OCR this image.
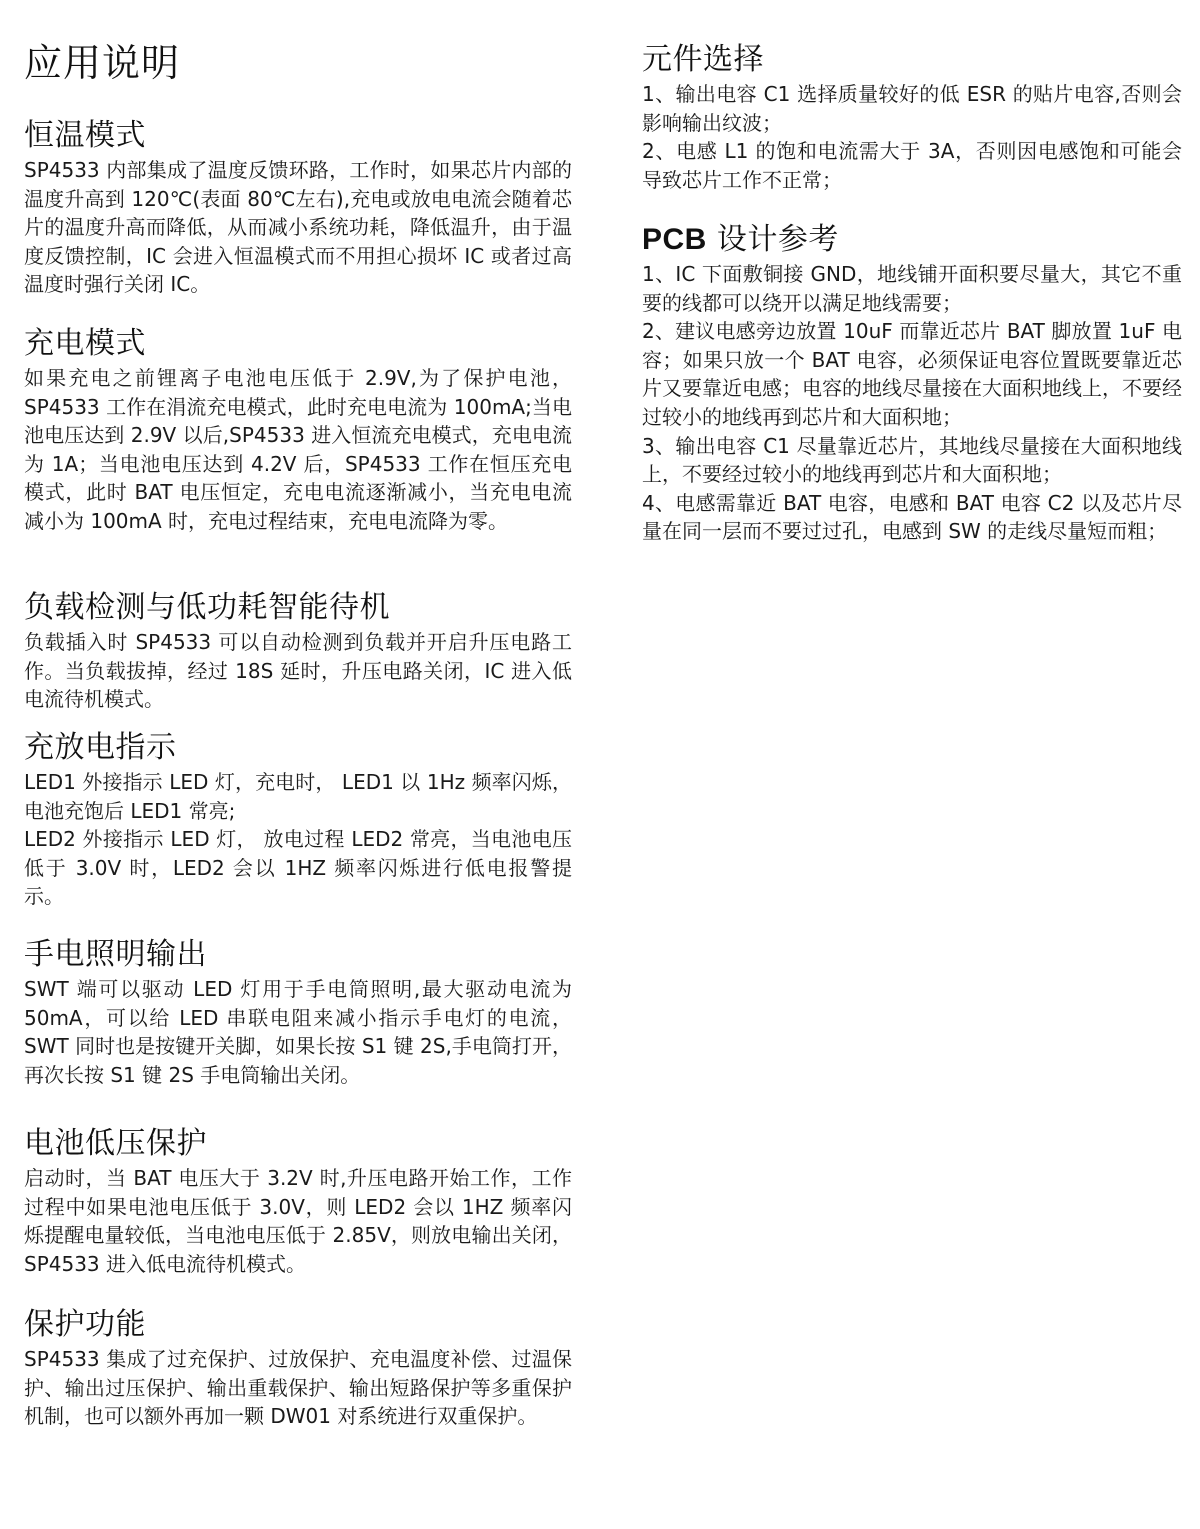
应用说明
恒温模式

SP4533 内部集成了温度反馈环路，工作时，如果芯片内部的温度升高到 120℃(表面 80℃左右),充电或放电电流会随着芯片的温度升高而降低，从而减小系统功耗，降低温升，由于温度反馈控制，IC 会进入恒温模式而不用担心损坏 IC 或者过高温度时强行关闭 IC。

充电模式

如果充电之前锂离子电池电压低于 2.9V,为了保护电池，SP4533 工作在涓流充电模式，此时充电电流为 100mA;当电池电压达到 2.9V 以后,SP4533 进入恒流充电模式，充电电流为 1A；当电池电压达到 4.2V 后，SP4533 工作在恒压充电模式，此时 BAT 电压恒定，充电电流逐渐减小，当充电电流减小为 100mA 时，充电过程结束，充电电流降为零。

负载检测与低功耗智能待机

负载插入时 SP4533 可以自动检测到负载并开启升压电路工作。当负载拔掉，经过 18S 延时，升压电路关闭，IC 进入低电流待机模式。

充放电指示

LED1 外接指示 LED 灯，充电时， LED1 以 1Hz 频率闪烁，电池充饱后 LED1 常亮;

LED2 外接指示 LED 灯， 放电过程 LED2 常亮，当电池电压低于 3.0V 时，LED2 会以 1HZ 频率闪烁进行低电报警提示。

手电照明输出

SWT 端可以驱动 LED 灯用于手电筒照明,最大驱动电流为 50mA，可以给 LED 串联电阻来减小指示手电灯的电流，SWT 同时也是按键开关脚，如果长按 S1 键 2S,手电筒打开，再次长按 S1 键 2S 手电筒输出关闭。

电池低压保护

启动时，当 BAT 电压大于 3.2V 时,升压电路开始工作，工作过程中如果电池电压低于 3.0V，则 LED2 会以 1HZ 频率闪烁提醒电量较低，当电池电压低于 2.85V，则放电输出关闭，SP4533 进入低电流待机模式。

保护功能

SP4533 集成了过充保护、过放保护、充电温度补偿、过温保护、输出过压保护、输出重载保护、输出短路保护等多重保护机制，也可以额外再加一颗 DW01 对系统进行双重保护。

元件选择

1、输出电容 C1 选择质量较好的低 ESR 的贴片电容,否则会影响输出纹波；

2、电感 L1 的饱和电流需大于 3A，否则因电感饱和可能会导致芯片工作不正常；

PCB 设计参考

1、IC 下面敷铜接 GND，地线铺开面积要尽量大，其它不重要的线都可以绕开以满足地线需要；

2、建议电感旁边放置 10uF 而靠近芯片 BAT 脚放置 1uF 电容；如果只放一个 BAT 电容，必须保证电容位置既要靠近芯片又要靠近电感；电容的地线尽量接在大面积地线上，不要经过较小的地线再到芯片和大面积地；

3、输出电容 C1 尽量靠近芯片，其地线尽量接在大面积地线上，不要经过较小的地线再到芯片和大面积地；

4、电感需靠近 BAT 电容，电感和 BAT 电容 C2 以及芯片尽量在同一层而不要过过孔，电感到 SW 的走线尽量短而粗；
